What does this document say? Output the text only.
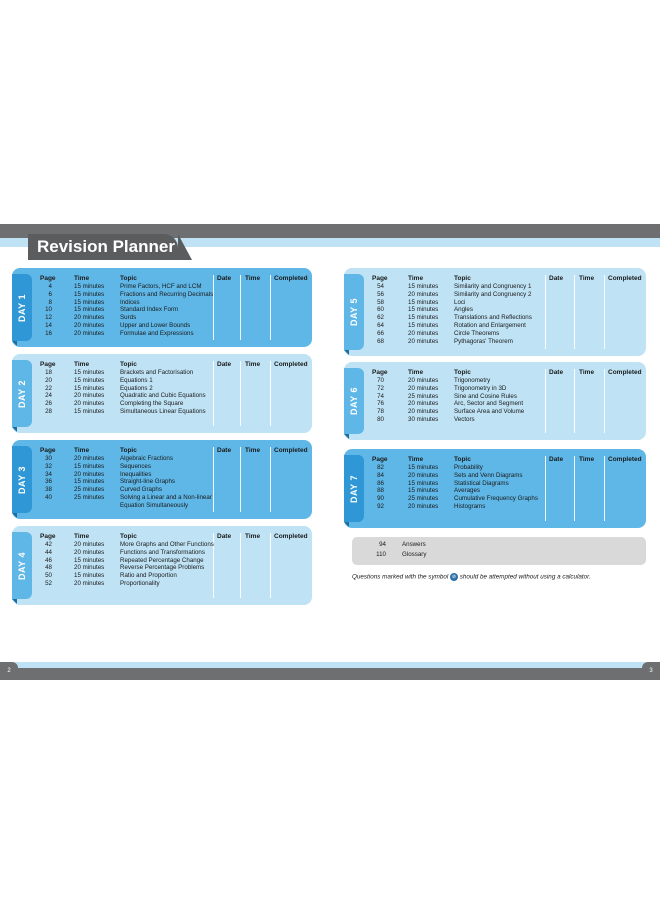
Revision Planner
DAY 1
Page	Time	Topic	Date Time Completed
4	15 minutes	Prime Factors, HCF and LCM
6	15 minutes	Fractions and Recurring Decimals
8	15 minutes	Indices
10	15 minutes	Standard Index Form
12	20 minutes	Surds
14	20 minutes	Upper and Lower Bounds
16	20 minutes	Formulae and Expressions
DAY 2
Page	Time	Topic	Date Time Completed
18	15 minutes	Brackets and Factorisation
20	15 minutes	Equations 1
22	15 minutes	Equations 2
24	20 minutes	Quadratic and Cubic Equations
26	20 minutes	Completing the Square
28	15 minutes	Simultaneous Linear Equations
DAY 3
Page	Time	Topic	Date Time Completed
30	20 minutes	Algebraic Fractions
32	15 minutes	Sequences
34	20 minutes	Inequalities
36	15 minutes	Straight-line Graphs
38	25 minutes	Curved Graphs
40	25 minutes	Solving a Linear and a Non-linear
Equation Simultaneously
DAY 4
Page	Time	Topic	Date Time Completed
42	20 minutes	More Graphs and Other Functions
44	20 minutes	Functions and Transformations
46	15 minutes	Repeated Percentage Change
48	20 minutes	Reverse Percentage Problems
50	15 minutes	Ratio and Proportion
52	20 minutes	Proportionality
DAY 5
Page	Time	Topic	Date Time Completed
54	15 minutes	Similarity and Congruency 1
56	20 minutes	Similarity and Congruency 2
58	15 minutes	Loci
60	15 minutes	Angles
62	15 minutes	Translations and Reflections
64	15 minutes	Rotation and Enlargement
66	20 minutes	Circle Theorems
68	20 minutes	Pythagoras' Theorem
DAY 6
Page	Time	Topic	Date Time Completed
70	20 minutes	Trigonometry
72	20 minutes	Trigonometry in 3D
74	25 minutes	Sine and Cosine Rules
76	20 minutes	Arc, Sector and Segment
78	20 minutes	Surface Area and Volume
80	30 minutes	Vectors
DAY 7
Page	Time	Topic	Date Time Completed
82	15 minutes	Probability
84	20 minutes	Sets and Venn Diagrams
86	15 minutes	Statistical Diagrams
88	15 minutes	Averages
90	25 minutes	Cumulative Frequency Graphs
92	20 minutes	Histograms
94	Answers
110	Glossary
Questions marked with the symbol ⊘ should be attempted without using a calculator.
2	3
